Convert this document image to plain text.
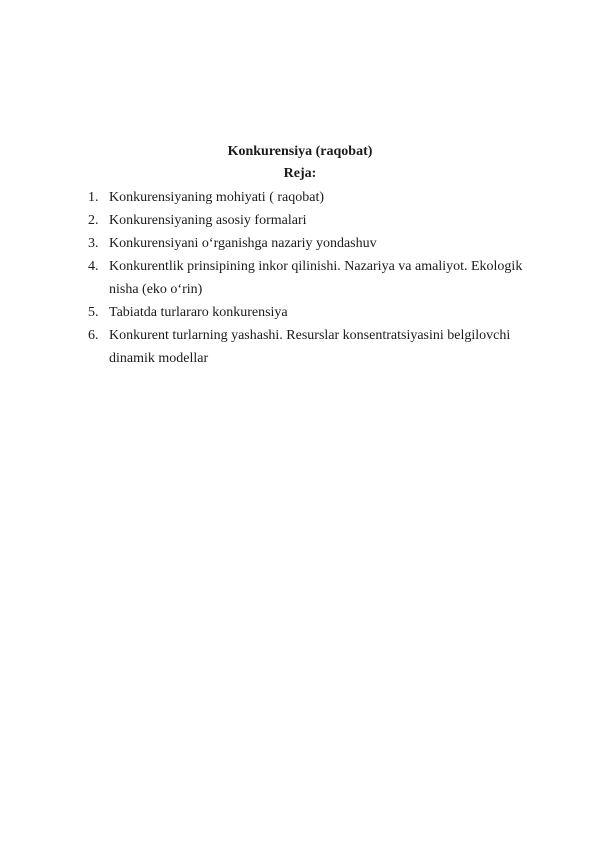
Konkurensiya (raqobat)
Reja:
1. Konkurensiyaning mohiyati ( raqobat)
2. Konkurensiyaning asosiy formalari
3. Konkurensiyani o‘rganishga nazariy yondashuv
4. Konkurentlik prinsipining inkor qilinishi. Nazariya va amaliyot. Ekologik nisha (eko o‘rin)
5. Tabiatda turlararo konkurensiya
6. Konkurent turlarning yashashi. Resurslar konsentratsiyasini belgilovchi dinamik modellar
